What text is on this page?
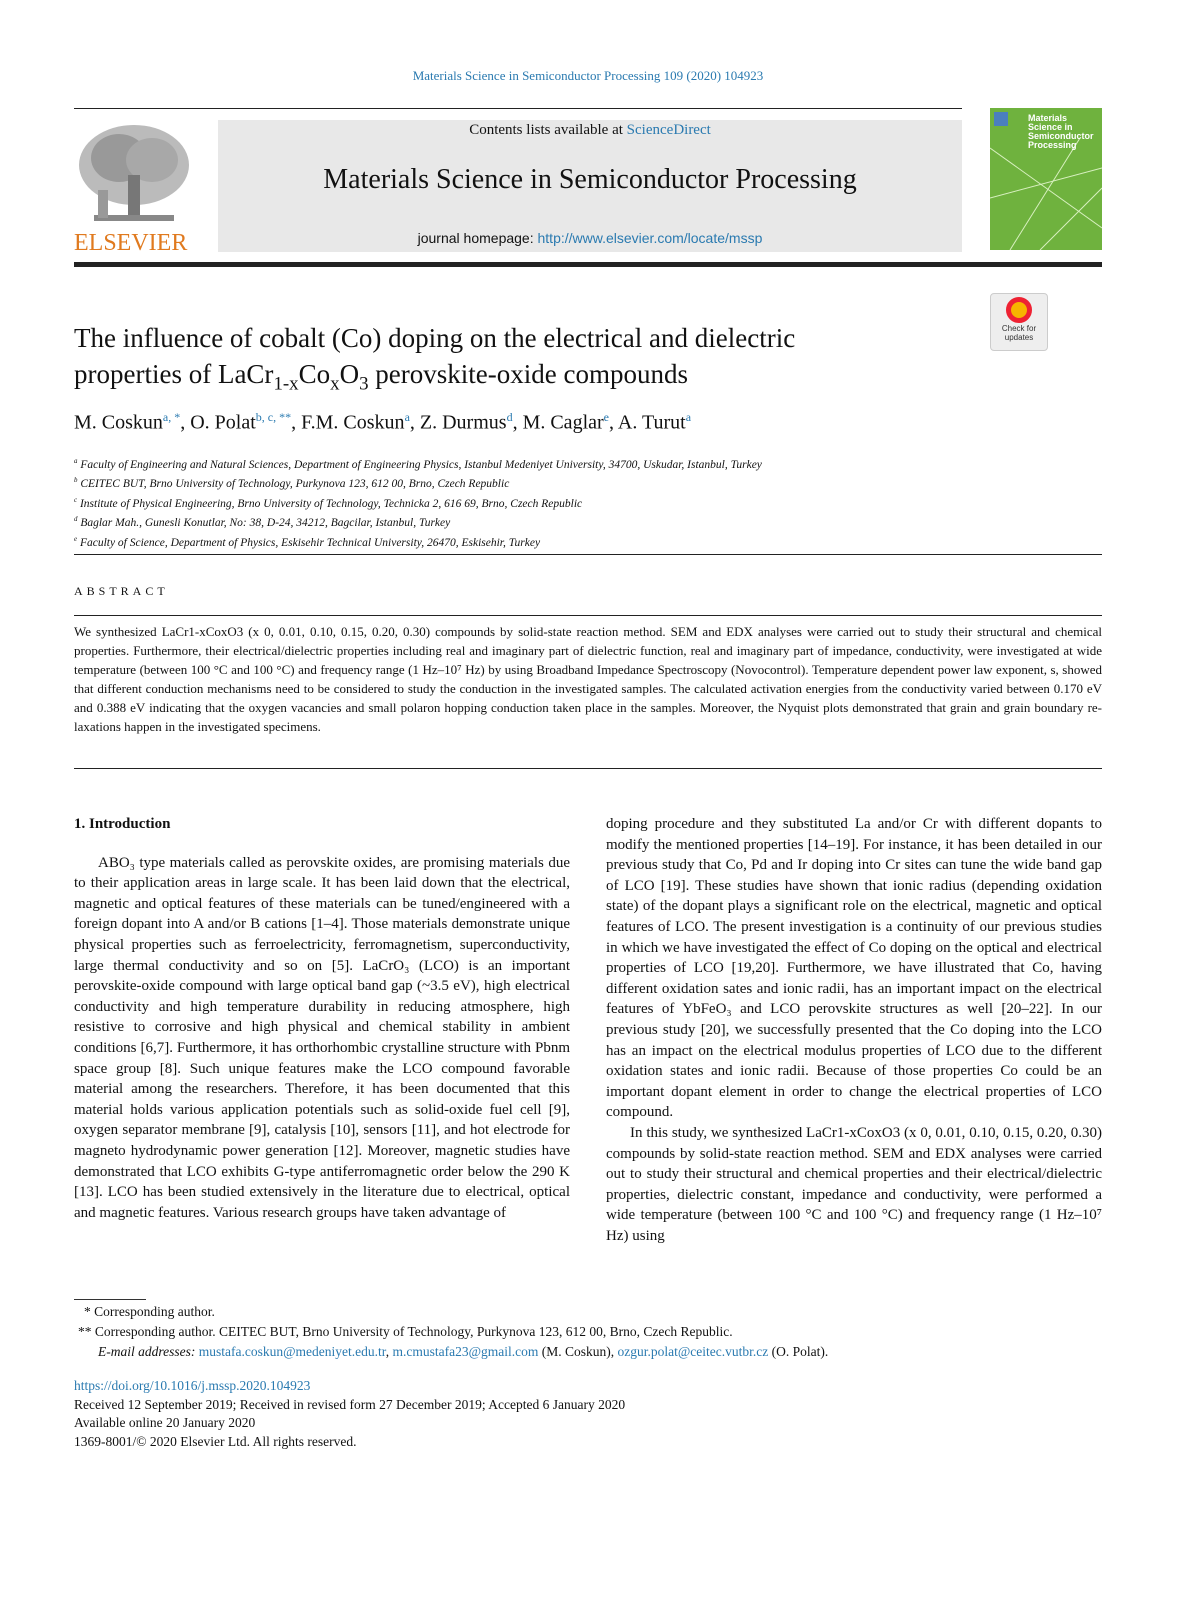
Materials Science in Semiconductor Processing 109 (2020) 104923
ELSEVIER
Contents lists available at ScienceDirect
Materials Science in Semiconductor Processing
journal homepage: http://www.elsevier.com/locate/mssp
Materials Science in Semiconductor Processing
Check for updates
The influence of cobalt (Co) doping on the electrical and dielectric
properties of $LaCr_{1-x}Co_xO_3$ perovskite-oxide compounds
M. Coskun$^{a, *}$, O. Polat$^{b, c, **}$, F.M. Coskun$^a$, Z. Durmus$^d$, M. Caglar$^e$, A. Turut$^a$
$^a$ Faculty of Engineering and Natural Sciences, Department of Engineering Physics, Istanbul Medeniyet University, 34700, Uskudar, Istanbul, Turkey
$^b$ CEITEC BUT, Brno University of Technology, Purkynova 123, 612 00, Brno, Czech Republic
$^c$ Institute of Physical Engineering, Brno University of Technology, Technicka 2, 616 69, Brno, Czech Republic
$^d$ Baglar Mah., Gunesli Konutlar, No: 38, D-24, 34212, Bagcilar, Istanbul, Turkey
$^e$ Faculty of Science, Department of Physics, Eskisehir Technical University, 26470, Eskisehir, Turkey
ABSTRACT
We synthesized LaCr1-xCoxO3 (x 0, 0.01, 0.10, 0.15, 0.20, 0.30) compounds by solid-state reaction method. SEM and EDX analyses were carried out to study their structural and chemical properties. Furthermore, their electrical/dielectric properties including real and imaginary part of dielectric function, real and imaginary part of impedance, conductivity, were investigated at wide temperature (between 100 °C and 100 °C) and frequency range (1 Hz–10⁷ Hz) by using Broadband Impedance Spectroscopy (Novocontrol). Temperature dependent power law exponent, s, showed that different conduction mechanisms need to be considered to study the conduction in the investigated samples. The calculated activation energies from the conductivity varied between 0.170 eV and 0.388 eV indicating that the oxygen vacancies and small polaron hopping conduction taken place in the samples. Moreover, the Nyquist plots demonstrated that grain and grain boundary re-laxations happen in the investigated specimens.
1. Introduction

ABO₃ type materials called as perovskite oxides, are promising materials due to their application areas in large scale. It has been laid down that the electrical, magnetic and optical features of these materials can be tuned/engineered with a foreign dopant into A and/or B cations [1–4]. Those materials demonstrate unique physical properties such as ferroelectricity, ferromagnetism, superconductivity, large thermal conductivity and so on [5]. LaCrO₃ (LCO) is an important perovskite-oxide compound with large optical band gap (~3.5 eV), high electrical conductivity and high temperature durability in reducing atmosphere, high resistive to corrosive and high physical and chemical stability in ambient conditions [6,7]. Furthermore, it has orthorhombic crystalline structure with Pbnm space group [8]. Such unique features make the LCO compound favorable material among the researchers. Therefore, it has been documented that this material holds various application potentials such as solid-oxide fuel cell [9], oxygen separator membrane [9], catalysis [10], sensors [11], and hot electrode for magneto hydrodynamic power generation [12]. Moreover, magnetic studies have demonstrated that LCO exhibits G-type antiferromagnetic order below the 290 K [13]. LCO has been studied extensively in the literature due to electrical, optical and magnetic features. Various research groups have taken advantage of

doping procedure and they substituted La and/or Cr with different dopants to modify the mentioned properties [14–19]. For instance, it has been detailed in our previous study that Co, Pd and Ir doping into Cr sites can tune the wide band gap of LCO [19]. These studies have shown that ionic radius (depending oxidation state) of the dopant plays a significant role on the electrical, magnetic and optical features of LCO. The present investigation is a continuity of our previous studies in which we have investigated the effect of Co doping on the optical and electrical properties of LCO [19,20]. Furthermore, we have illustrated that Co, having different oxidation sates and ionic radii, has an important impact on the electrical features of YbFeO₃ and LCO perovskite structures as well [20–22]. In our previous study [20], we successfully presented that the Co doping into the LCO has an impact on the electrical modulus properties of LCO due to the different oxidation states and ionic radii. Because of those properties Co could be an important dopant element in order to change the electrical properties of LCO compound.

In this study, we synthesized LaCr1-xCoxO3 (x 0, 0.01, 0.10, 0.15, 0.20, 0.30) compounds by solid-state reaction method. SEM and EDX analyses were carried out to study their structural and chemical properties and their electrical/dielectric properties, dielectric constant, impedance and conductivity, were performed a wide temperature (between 100 °C and 100 °C) and frequency range (1 Hz–10⁷ Hz) using

* Corresponding author.
** Corresponding author. CEITEC BUT, Brno University of Technology, Purkynova 123, 612 00, Brno, Czech Republic.
E-mail addresses: mustafa.coskun@medeniyet.edu.tr, m.cmustafa23@gmail.com (M. Coskun), ozgur.polat@ceitec.vutbr.cz (O. Polat).
https://doi.org/10.1016/j.mssp.2020.104923
Received 12 September 2019; Received in revised form 27 December 2019; Accepted 6 January 2020
Available online 20 January 2020
1369-8001/© 2020 Elsevier Ltd. All rights reserved.
